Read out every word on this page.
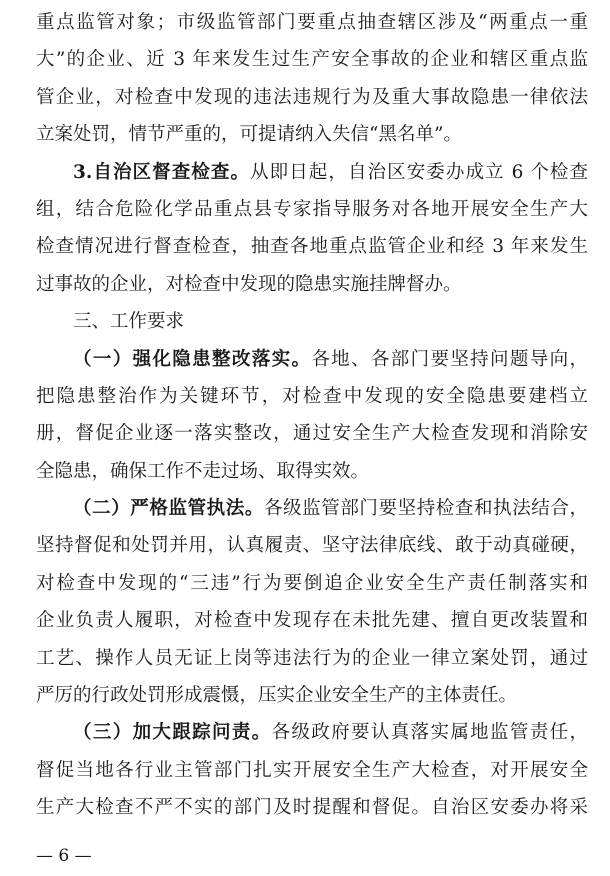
重点监管对象；市级监管部门要重点抽查辖区涉及“两重点一重
大”的企业、近 3 年来发生过生产安全事故的企业和辖区重点监
管企业，对检查中发现的违法违规行为及重大事故隐患一律依法
立案处罚，情节严重的，可提请纳入失信“黑名单”。
3.自治区督查检查。从即日起，自治区安委办成立 6 个检查
组，结合危险化学品重点县专家指导服务对各地开展安全生产大
检查情况进行督查检查，抽查各地重点监管企业和经 3 年来发生
过事故的企业，对检查中发现的隐患实施挂牌督办。
三、工作要求
（一）强化隐患整改落实。各地、各部门要坚持问题导向，
把隐患整治作为关键环节，对检查中发现的安全隐患要建档立
册，督促企业逐一落实整改，通过安全生产大检查发现和消除安
全隐患，确保工作不走过场、取得实效。
（二）严格监管执法。各级监管部门要坚持检查和执法结合，
坚持督促和处罚并用，认真履责、坚守法律底线、敢于动真碰硬，
对检查中发现的“三违”行为要倒追企业安全生产责任制落实和
企业负责人履职，对检查中发现存在未批先建、擅自更改装置和
工艺、操作人员无证上岗等违法行为的企业一律立案处罚，通过
严厉的行政处罚形成震慑，压实企业安全生产的主体责任。
（三）加大跟踪问责。各级政府要认真落实属地监管责任，
督促当地各行业主管部门扎实开展安全生产大检查，对开展安全
生产大检查不严不实的部门及时提醒和督促。自治区安委办将采
— 6 —
